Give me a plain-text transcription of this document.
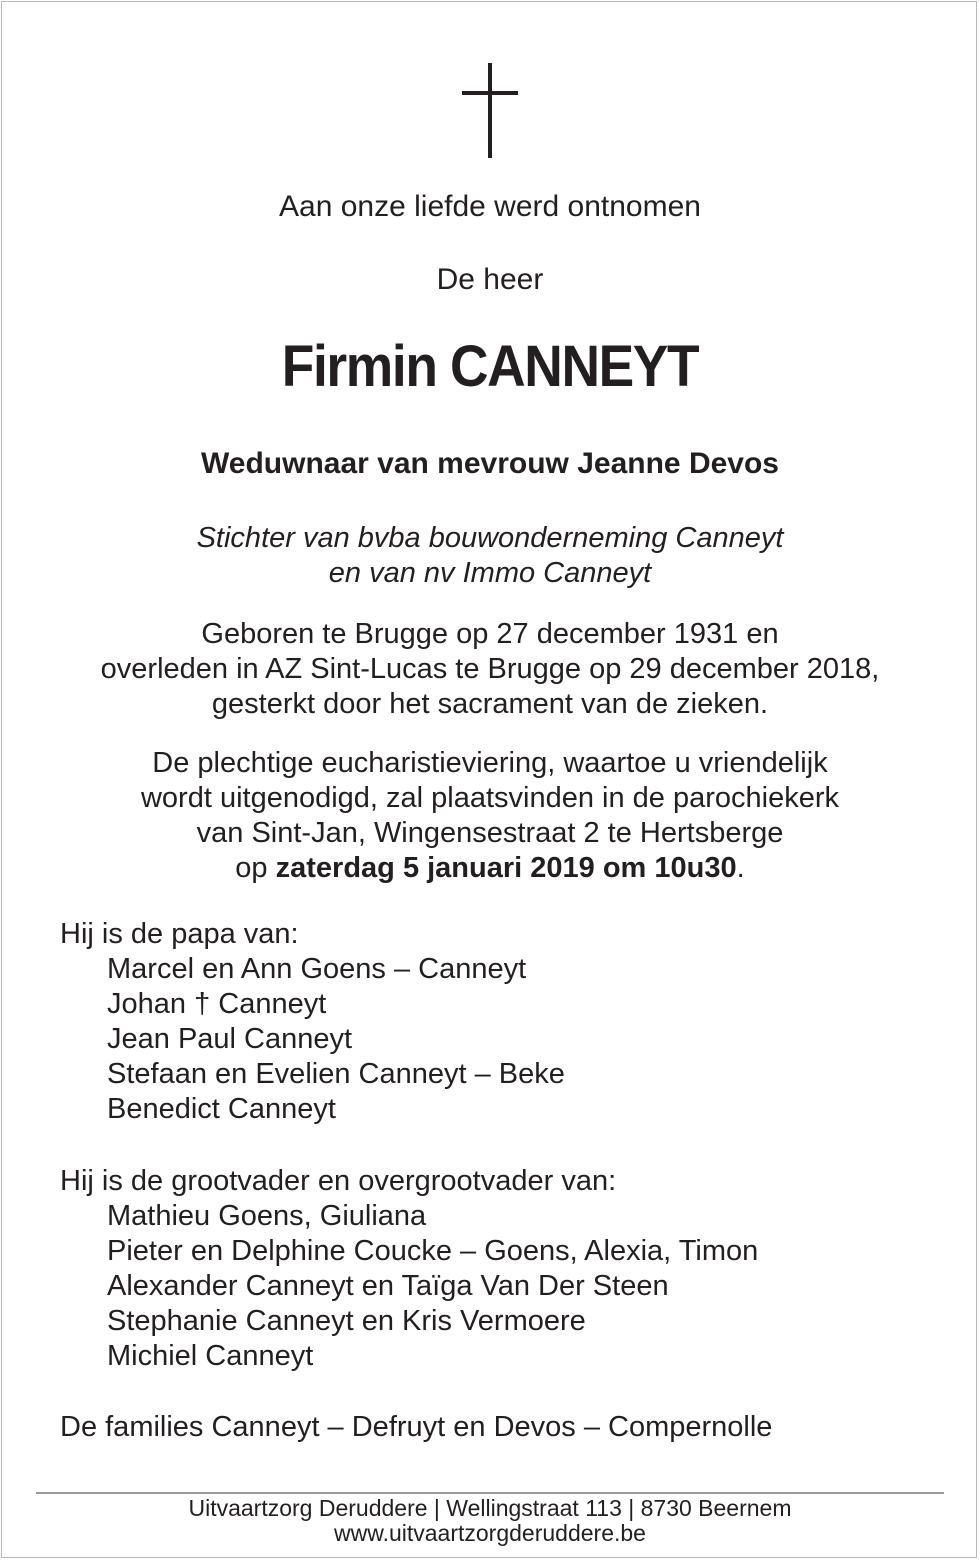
Aan onze liefde werd ontnomen
De heer
Firmin CANNEYT
Weduwnaar van mevrouw Jeanne Devos
Stichter van bvba bouwonderneming Canneyt
en van nv Immo Canneyt
Geboren te Brugge op 27 december 1931 en
overleden in AZ Sint-Lucas te Brugge op 29 december 2018,
gesterkt door het sacrament van de zieken.
De plechtige eucharistieviering, waartoe u vriendelijk
wordt uitgenodigd, zal plaatsvinden in de parochiekerk
van Sint-Jan, Wingensestraat 2 te Hertsberge
op zaterdag 5 januari 2019 om 10u30.
Hij is de papa van:
Marcel en Ann Goens – Canneyt
Johan † Canneyt
Jean Paul Canneyt
Stefaan en Evelien Canneyt – Beke
Benedict Canneyt
Hij is de grootvader en overgrootvader van:
Mathieu Goens, Giuliana
Pieter en Delphine Coucke – Goens, Alexia, Timon
Alexander Canneyt en Taïga Van Der Steen
Stephanie Canneyt en Kris Vermoere
Michiel Canneyt
De families Canneyt – Defruyt en Devos – Compernolle
Uitvaartzorg Deruddere | Wellingstraat 113 | 8730 Beernem
www.uitvaartzorgderuddere.be
